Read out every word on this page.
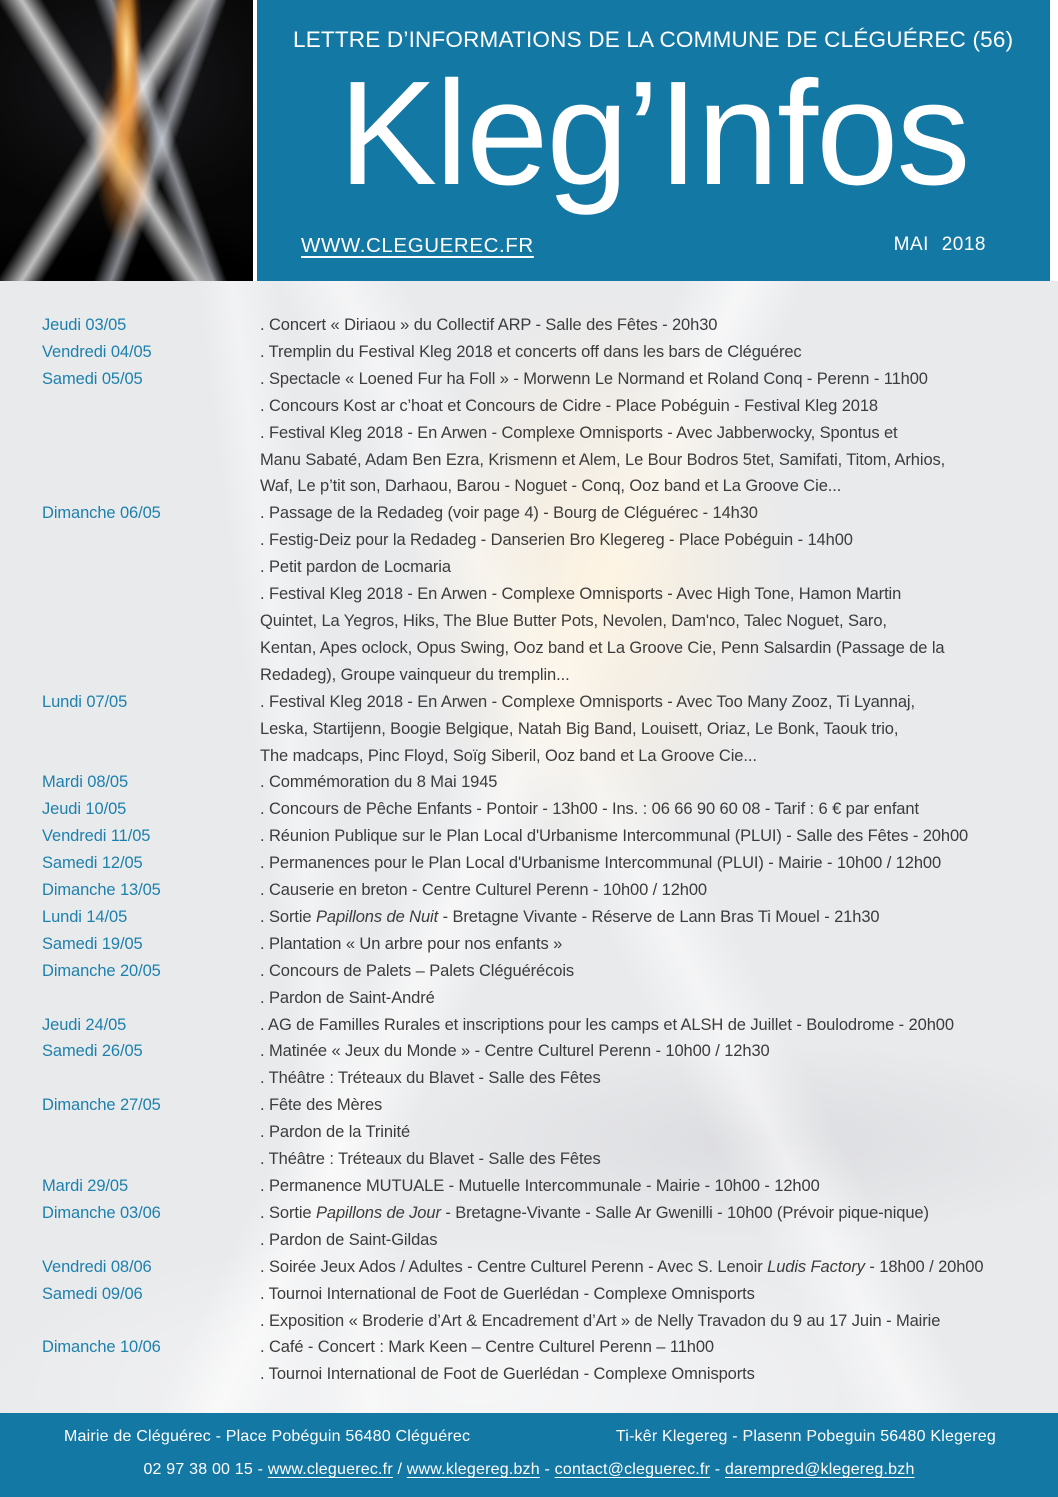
LETTRE D’INFORMATIONS DE LA COMMUNE DE CLÉGUÉREC (56)
Kleg’Infos
WWW.CLEGUEREC.FR	MAI 2018
Jeudi 03/05	. Concert « Diriaou » du Collectif ARP - Salle des Fêtes - 20h30
Vendredi 04/05	. Tremplin du Festival Kleg 2018 et concerts off dans les bars de Cléguérec
Samedi 05/05	. Spectacle « Loened Fur ha Foll » - Morwenn Le Normand et Roland Conq - Perenn - 11h00
. Concours Kost ar c’hoat et Concours de Cidre - Place Pobéguin - Festival Kleg 2018
. Festival Kleg 2018 - En Arwen - Complexe Omnisports - Avec Jabberwocky, Spontus et
Manu Sabaté, Adam Ben Ezra, Krismenn et Alem, Le Bour Bodros 5tet, Samifati, Titom, Arhios,
Waf, Le p’tit son, Darhaou, Barou - Noguet - Conq, Ooz band et La Groove Cie...
Dimanche 06/05	. Passage de la Redadeg (voir page 4) - Bourg de Cléguérec - 14h30
. Festig-Deiz pour la Redadeg - Danserien Bro Klegereg - Place Pobéguin - 14h00
. Petit pardon de Locmaria
. Festival Kleg 2018 - En Arwen - Complexe Omnisports - Avec High Tone, Hamon Martin
Quintet, La Yegros, Hiks, The Blue Butter Pots, Nevolen, Dam'nco, Talec Noguet, Saro,
Kentan, Apes oclock, Opus Swing, Ooz band et La Groove Cie, Penn Salsardin (Passage de la
Redadeg), Groupe vainqueur du tremplin...
Lundi 07/05	. Festival Kleg 2018 - En Arwen - Complexe Omnisports - Avec Too Many Zooz, Ti Lyannaj,
Leska, Startijenn, Boogie Belgique, Natah Big Band, Louisett, Oriaz, Le Bonk, Taouk trio,
The madcaps, Pinc Floyd, Soïg Siberil, Ooz band et La Groove Cie...
Mardi 08/05	. Commémoration du 8 Mai 1945
Jeudi 10/05	. Concours de Pêche Enfants - Pontoir - 13h00 - Ins. : 06 66 90 60 08 - Tarif : 6 € par enfant
Vendredi 11/05	. Réunion Publique sur le Plan Local d'Urbanisme Intercommunal (PLUI) - Salle des Fêtes - 20h00
Samedi 12/05	. Permanences pour le Plan Local d'Urbanisme Intercommunal (PLUI) - Mairie - 10h00 / 12h00
Dimanche 13/05	. Causerie en breton - Centre Culturel Perenn - 10h00 / 12h00
Lundi 14/05	. Sortie Papillons de Nuit - Bretagne Vivante - Réserve de Lann Bras Ti Mouel - 21h30
Samedi 19/05	. Plantation « Un arbre pour nos enfants »
Dimanche 20/05	. Concours de Palets – Palets Cléguérécois
. Pardon de Saint-André
Jeudi 24/05	. AG de Familles Rurales et inscriptions pour les camps et ALSH de Juillet - Boulodrome - 20h00
Samedi 26/05	. Matinée « Jeux du Monde » - Centre Culturel Perenn - 10h00 / 12h30
. Théâtre : Tréteaux du Blavet - Salle des Fêtes
Dimanche 27/05	. Fête des Mères
. Pardon de la Trinité
. Théâtre : Tréteaux du Blavet - Salle des Fêtes
Mardi 29/05	. Permanence MUTUALE - Mutuelle Intercommunale - Mairie - 10h00 - 12h00
Dimanche 03/06	. Sortie Papillons de Jour - Bretagne-Vivante - Salle Ar Gwenilli - 10h00 (Prévoir pique-nique)
. Pardon de Saint-Gildas
Vendredi 08/06	. Soirée Jeux Ados / Adultes - Centre Culturel Perenn - Avec S. Lenoir Ludis Factory - 18h00 / 20h00
Samedi 09/06	. Tournoi International de Foot de Guerlédan - Complexe Omnisports
. Exposition « Broderie d’Art & Encadrement d’Art » de Nelly Travadon du 9 au 17 Juin - Mairie
Dimanche 10/06	. Café - Concert : Mark Keen – Centre Culturel Perenn – 11h00
. Tournoi International de Foot de Guerlédan - Complexe Omnisports
Mairie de Cléguérec - Place Pobéguin 56480 Cléguérec	Ti-kêr Klegereg - Plasenn Pobeguin 56480 Klegereg
02 97 38 00 15 - www.cleguerec.fr / www.klegereg.bzh - contact@cleguerec.fr - darempred@klegereg.bzh
